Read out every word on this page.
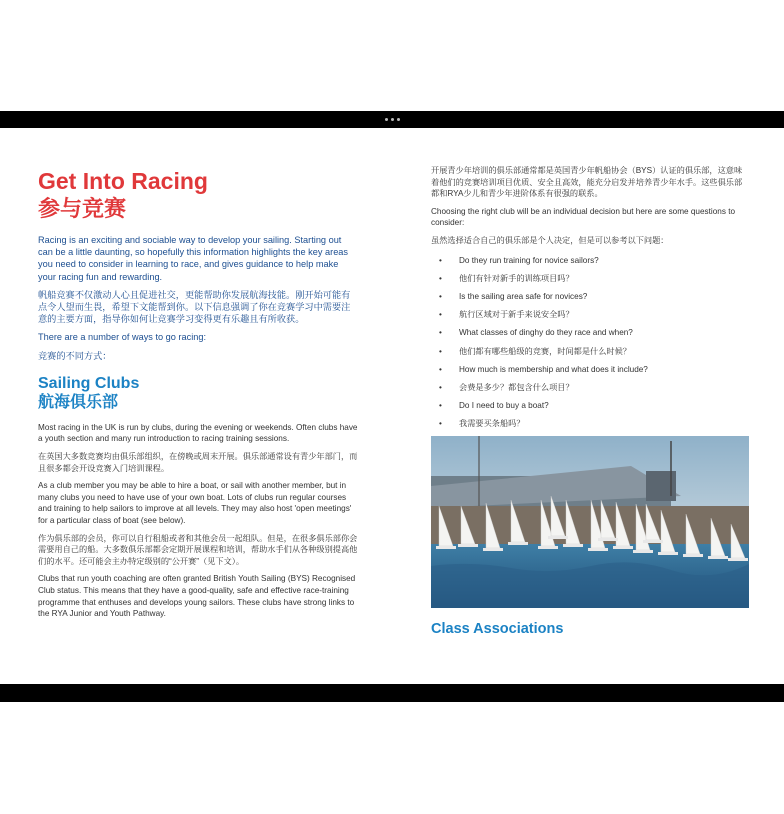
Get Into Racing
参与竞赛

Racing is an exciting and sociable way to develop your sailing. Starting out can be a little daunting, so hopefully this information highlights the key areas you need to consider in learning to race, and gives guidance to help make your racing fun and rewarding.

帆船竞赛不仅激动人心且促进社交，更能帮助你发展航海技能。刚开始可能有点令人望而生畏，希望下文能帮到你。以下信息强调了你在竞赛学习中需要注意的主要方面，指导你如何让竞赛学习变得更有乐趣且有所收获。

There are a number of ways to go racing:

竞赛的不同方式：

Sailing Clubs
航海俱乐部

Most racing in the UK is run by clubs, during the evening or weekends. Often clubs have a youth section and many run introduction to racing training sessions.

在英国大多数竞赛均由俱乐部组织，在傍晚或周末开展。俱乐部通常设有青少年部门，而且很多都会开设竞赛入门培训课程。

As a club member you may be able to hire a boat, or sail with another member, but in many clubs you need to have use of your own boat. Lots of clubs run regular courses and training to help sailors to improve at all levels. They may also host 'open meetings' for a particular class of boat (see below).

作为俱乐部的会员，你可以自行租船或者和其他会员一起组队。但是，在很多俱乐部你会需要用自己的船。大多数俱乐部都会定期开展课程和培训，帮助水手们从各种级别提高他们的水平。还可能会主办特定级别的“公开赛”（见下文）。

Clubs that run youth coaching are often granted British Youth Sailing (BYS) Recognised Club status. This means that they have a good-quality, safe and effective race-training programme that enthuses and develops young sailors. These clubs have strong links to the RYA Junior and Youth Pathway.

开展青少年培训的俱乐部通常都是英国青少年帆船协会（BYS）认证的俱乐部，这意味着他们的竞赛培训项目优质、安全且高效，能充分启发并培养青少年水手。这些俱乐部都和RYA少儿和青少年进阶体系有很强的联系。

Choosing the right club will be an individual decision but here are some questions to consider:

虽然选择适合自己的俱乐部是个人决定，但是可以参考以下问题：

• Do they run training for novice sailors?
• 他们有针对新手的训练项目吗？
• Is the sailing area safe for novices?
• 航行区域对于新手来说安全吗？
• What classes of dinghy do they race and when?
• 他们都有哪些船级的竞赛，时间都是什么时候？
• How much is membership and what does it include?
• 会费是多少？都包含什么项目？
• Do I need to buy a boat?
• 我需要买条船吗？
Class Associations
